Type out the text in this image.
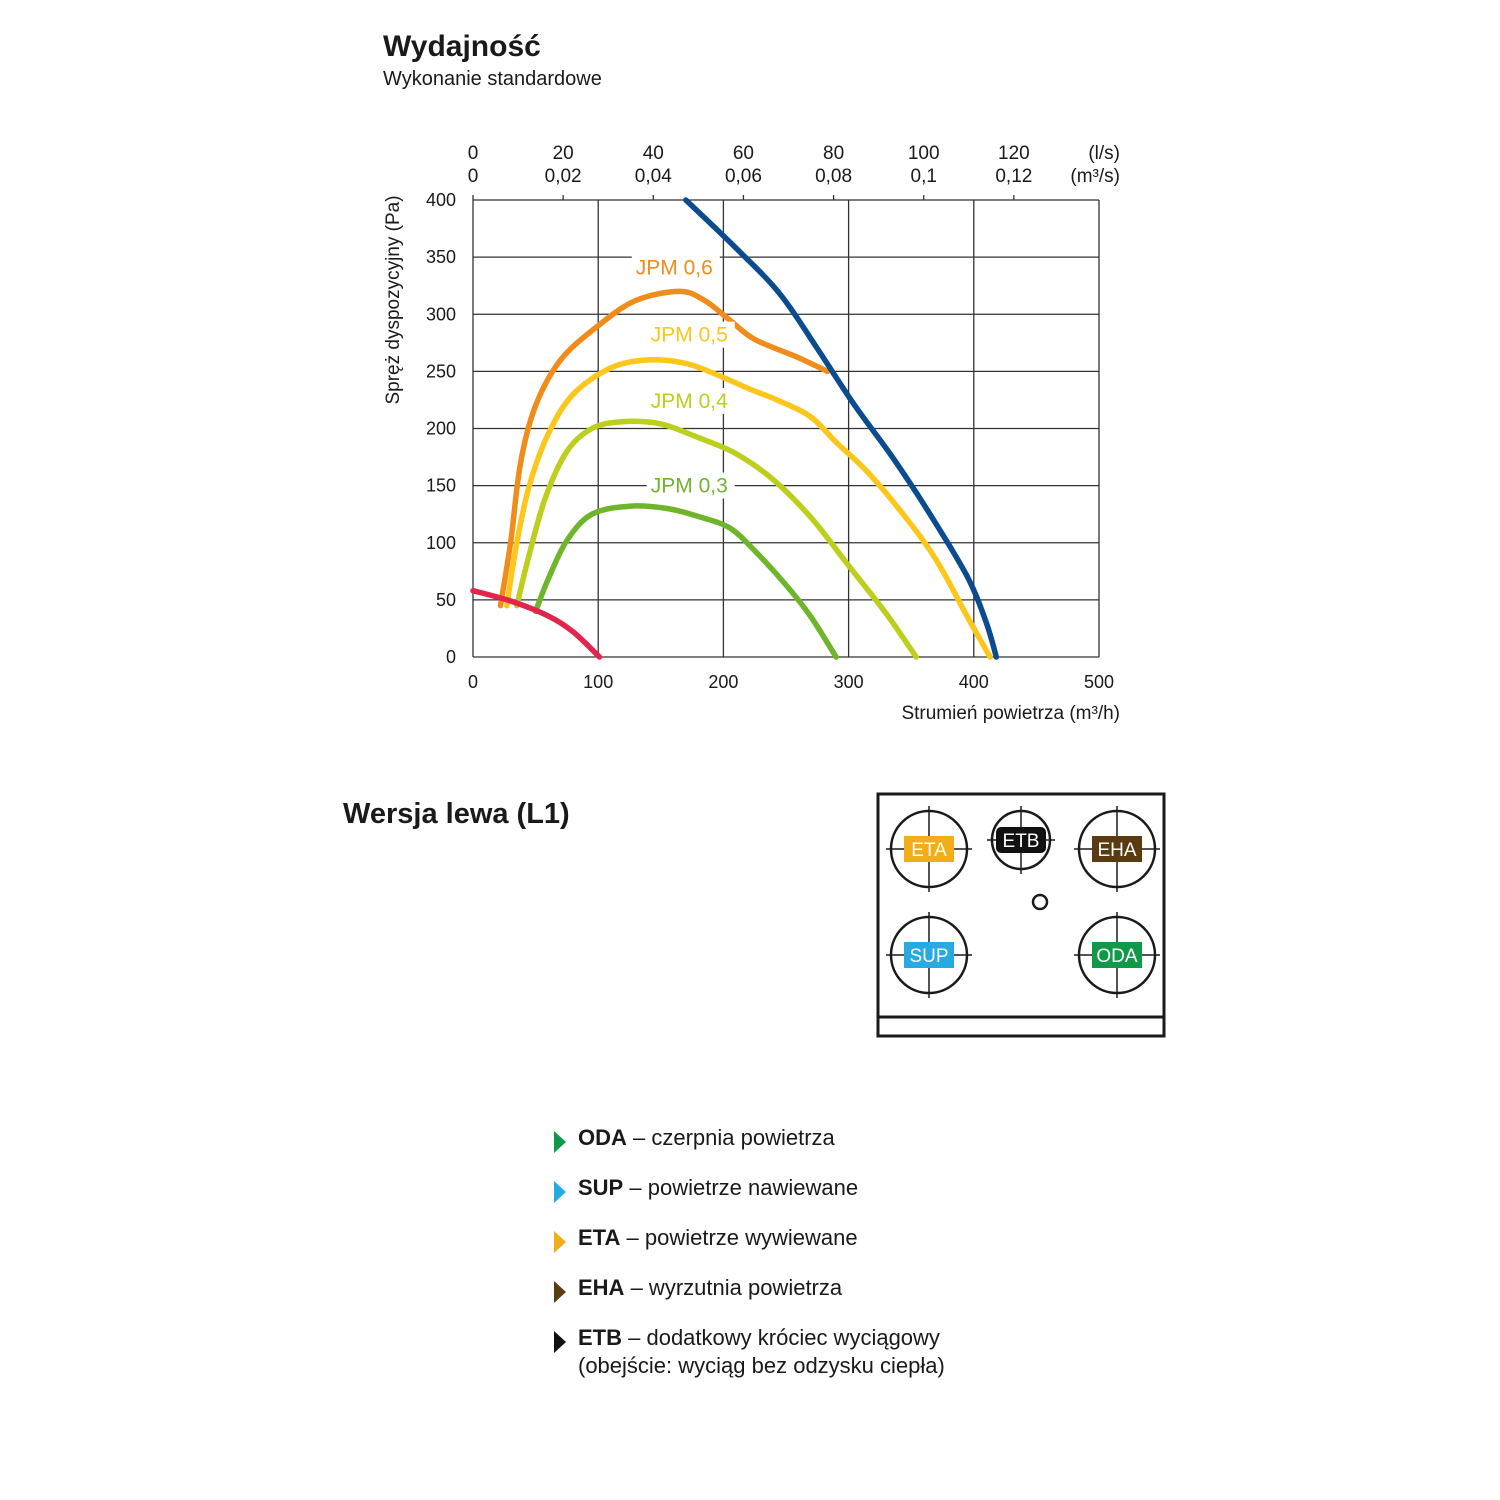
Wydajność

Wykonanie standardowe

0	100	200	300	400	500
0
50
100
150
200
250
300
350
400
0
0
20
0,02
40
0,04
60
0,06
80
0,08
100
0,1
120
0,12
JPM 0,6
JPM 0,5
JPM 0,4
JPM 0,3
Spręż dyspozycyjny (Pa)
Strumień powietrza (m³/h)
(l/s)
(m³/s)
Wersja lewa (L1)
ETA	ETB	EHA
SUP	ODA
ODA – czerpnia powietrza
SUP – powietrze nawiewane
ETA – powietrze wywiewane
EHA – wyrzutnia powietrza
ETB – dodatkowy króciec wyciągowy
(obejście: wyciąg bez odzysku ciepła)
